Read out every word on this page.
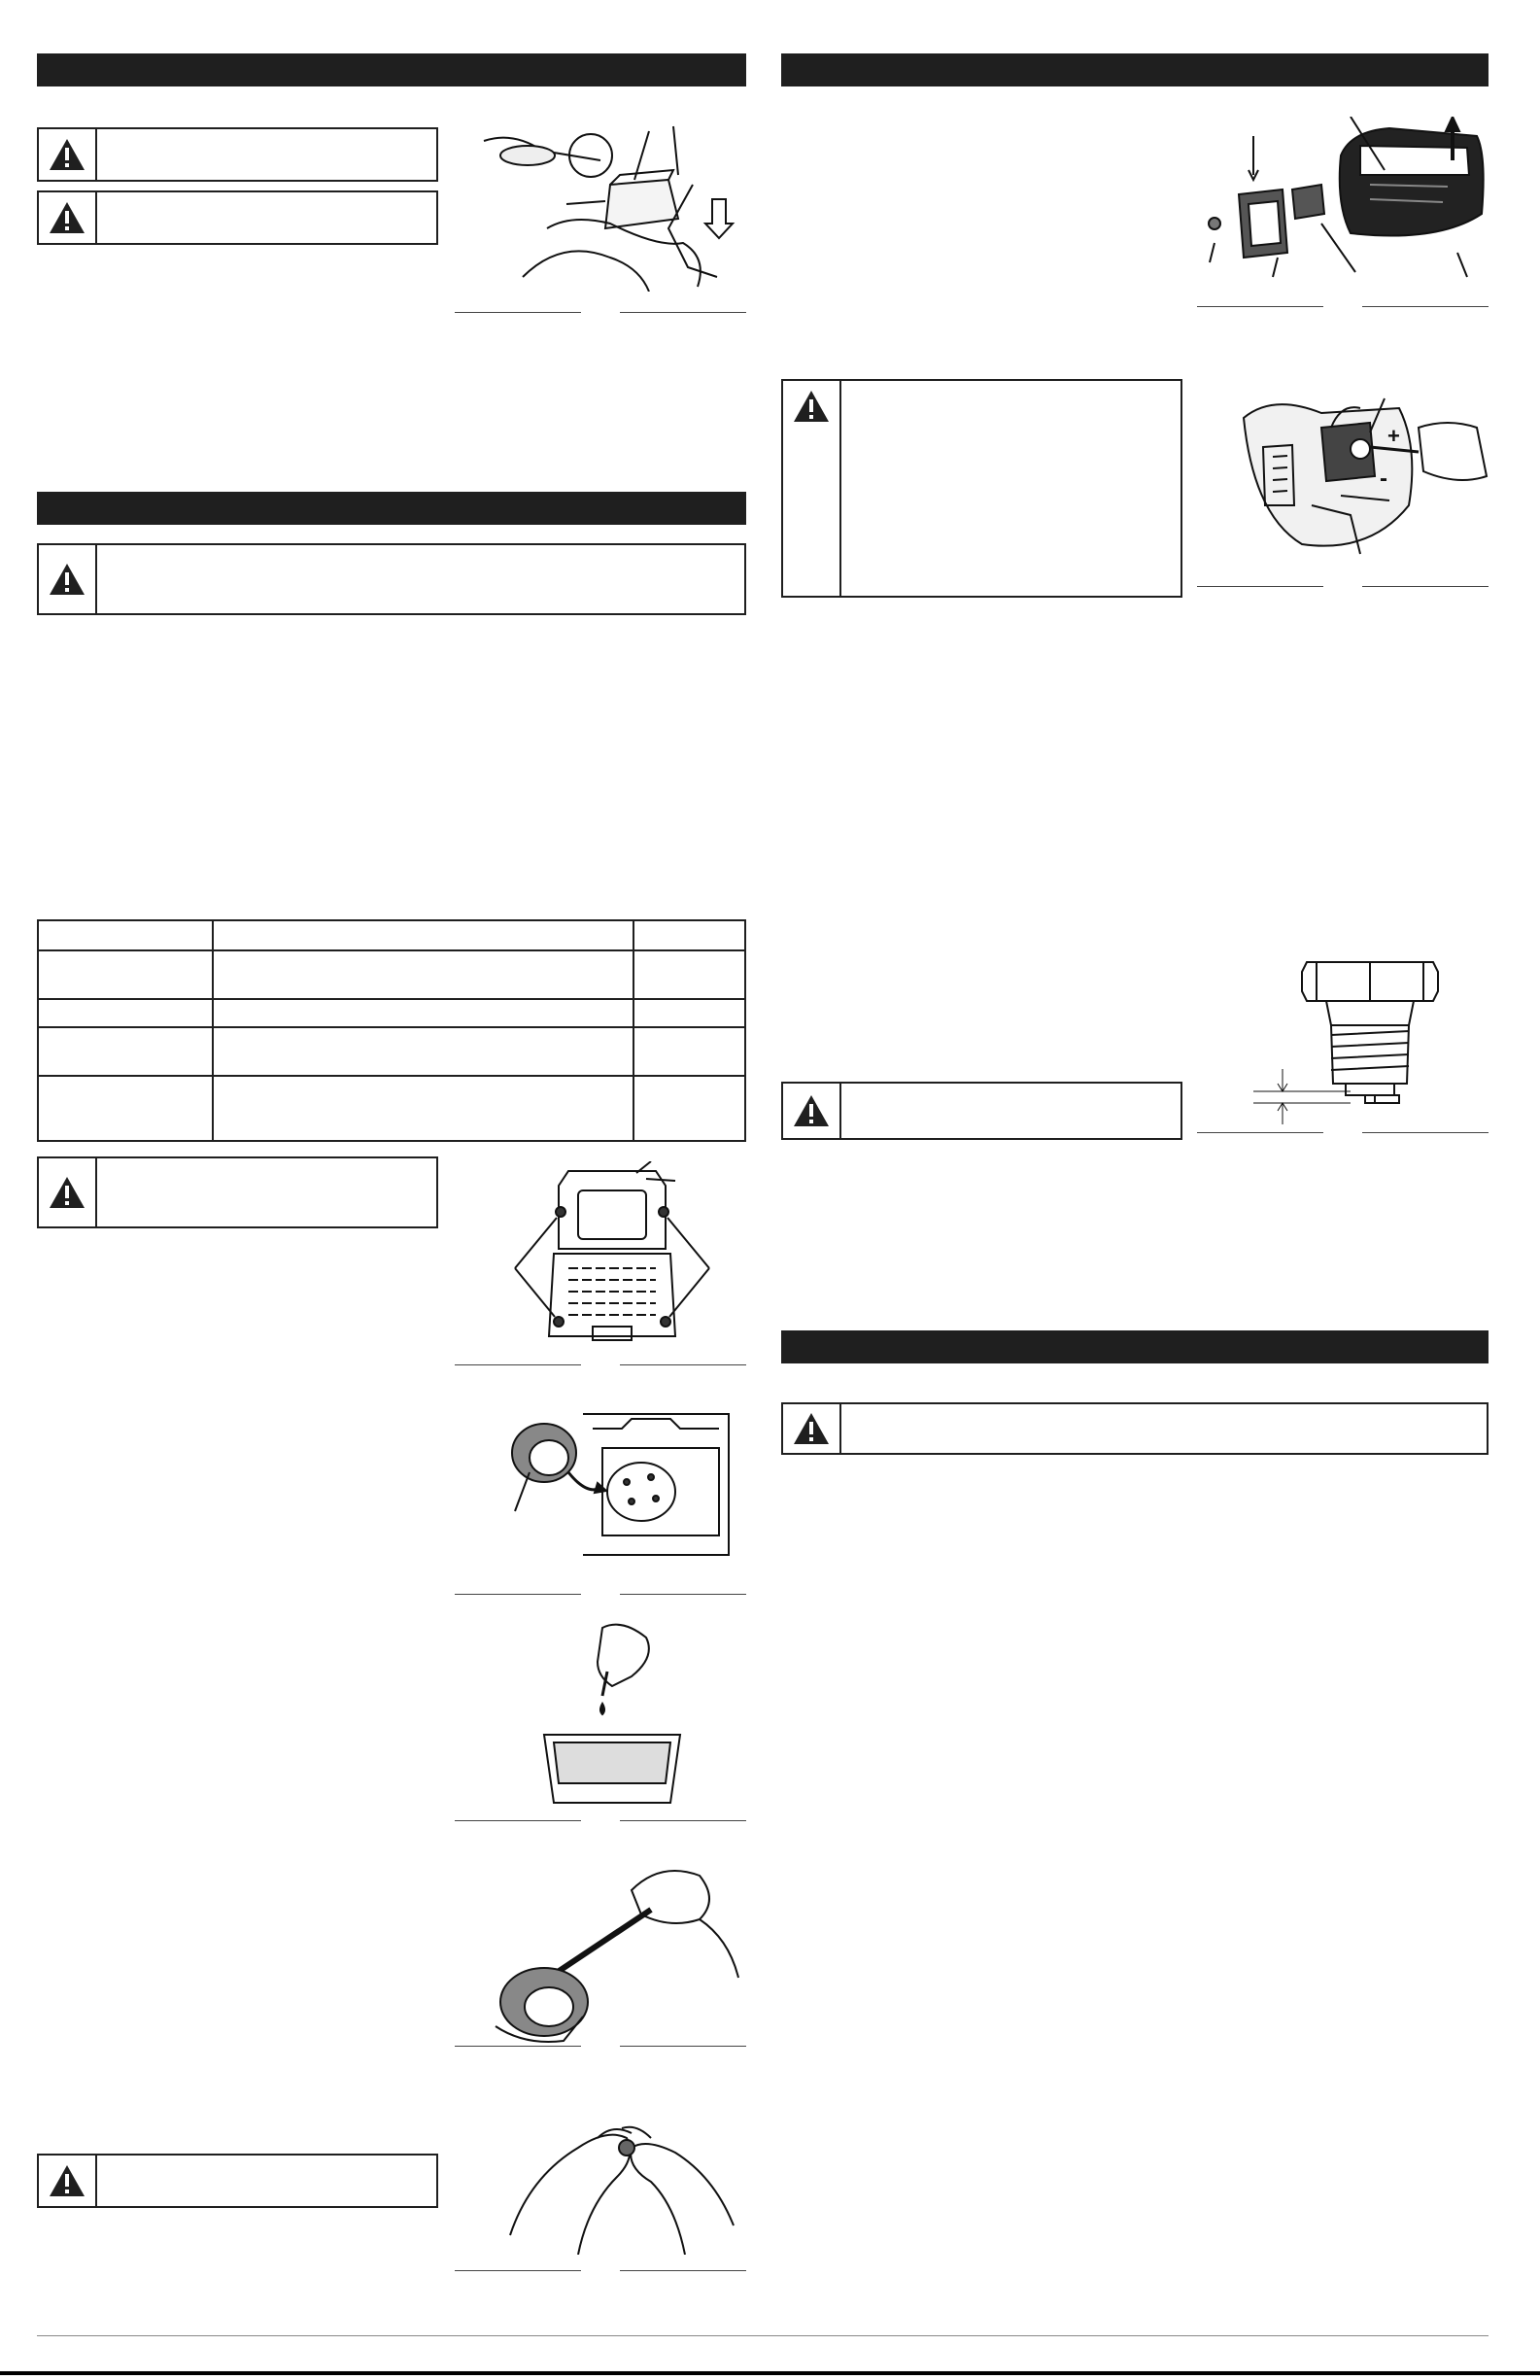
+
-
